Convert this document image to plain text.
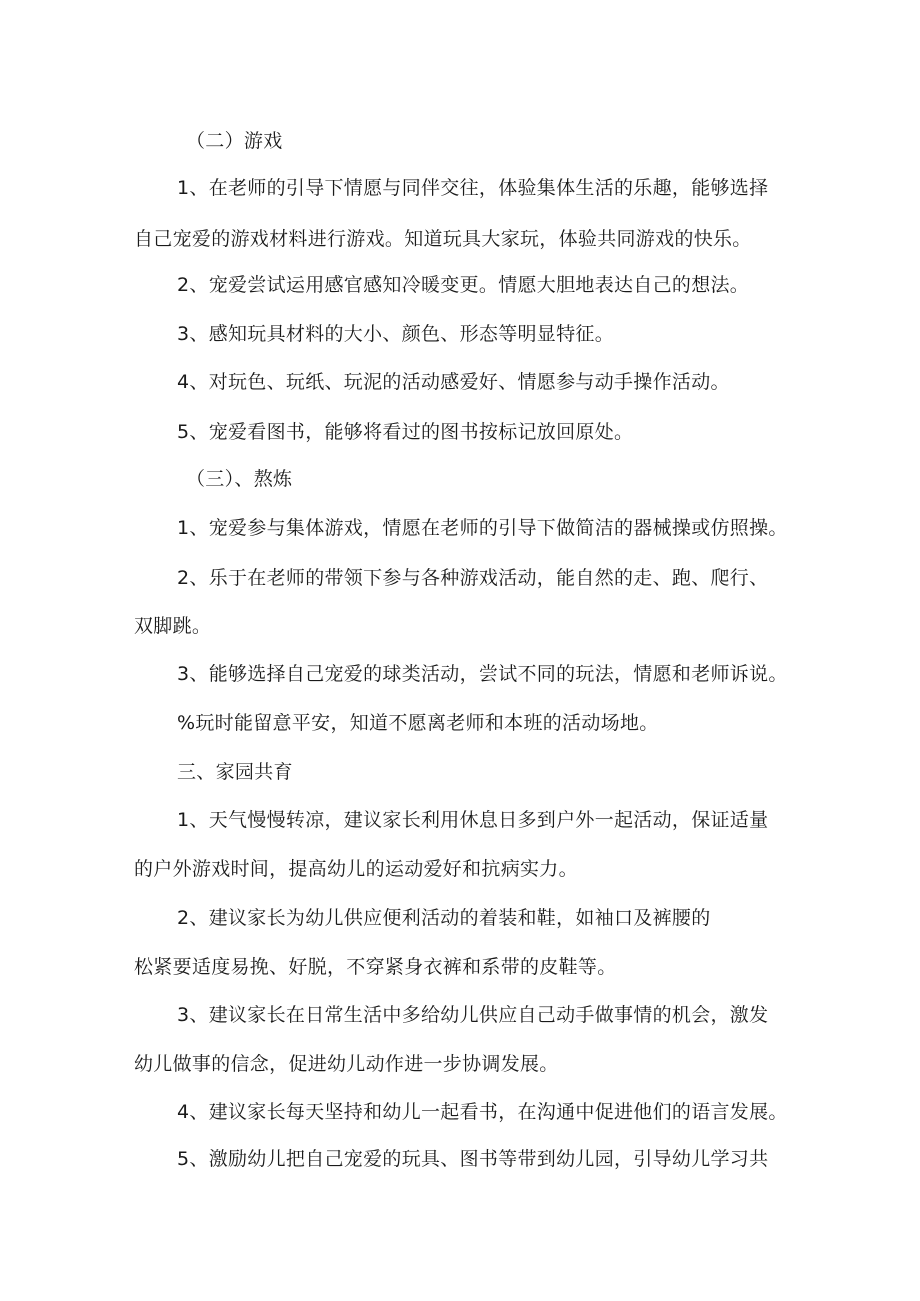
（二）游戏

1、在老师的引导下情愿与同伴交往，体验集体生活的乐趣，能够选择

自己宠爱的游戏材料进行游戏。知道玩具大家玩，体验共同游戏的快乐。

2、宠爱尝试运用感官感知冷暖变更。情愿大胆地表达自己的想法。

3、感知玩具材料的大小、颜色、形态等明显特征。

4、对玩色、玩纸、玩泥的活动感爱好、情愿参与动手操作活动。

5、宠爱看图书，能够将看过的图书按标记放回原处。

（三）、熬炼

1、宠爱参与集体游戏，情愿在老师的引导下做简洁的器械操或仿照操。

2、乐于在老师的带领下参与各种游戏活动，能自然的走、跑、爬行、

双脚跳。

3、能够选择自己宠爱的球类活动，尝试不同的玩法，情愿和老师诉说。

%玩时能留意平安，知道不愿离老师和本班的活动场地。

三、家园共育

1、天气慢慢转凉，建议家长利用休息日多到户外一起活动，保证适量

的户外游戏时间，提高幼儿的运动爱好和抗病实力。

2、建议家长为幼儿供应便利活动的着装和鞋，如袖口及裤腰的

松紧要适度易挽、好脱，不穿紧身衣裤和系带的皮鞋等。

3、建议家长在日常生活中多给幼儿供应自己动手做事情的机会，激发

幼儿做事的信念，促进幼儿动作进一步协调发展。

4、建议家长每天坚持和幼儿一起看书，在沟通中促进他们的语言发展。

5、激励幼儿把自己宠爱的玩具、图书等带到幼儿园，引导幼儿学习共
